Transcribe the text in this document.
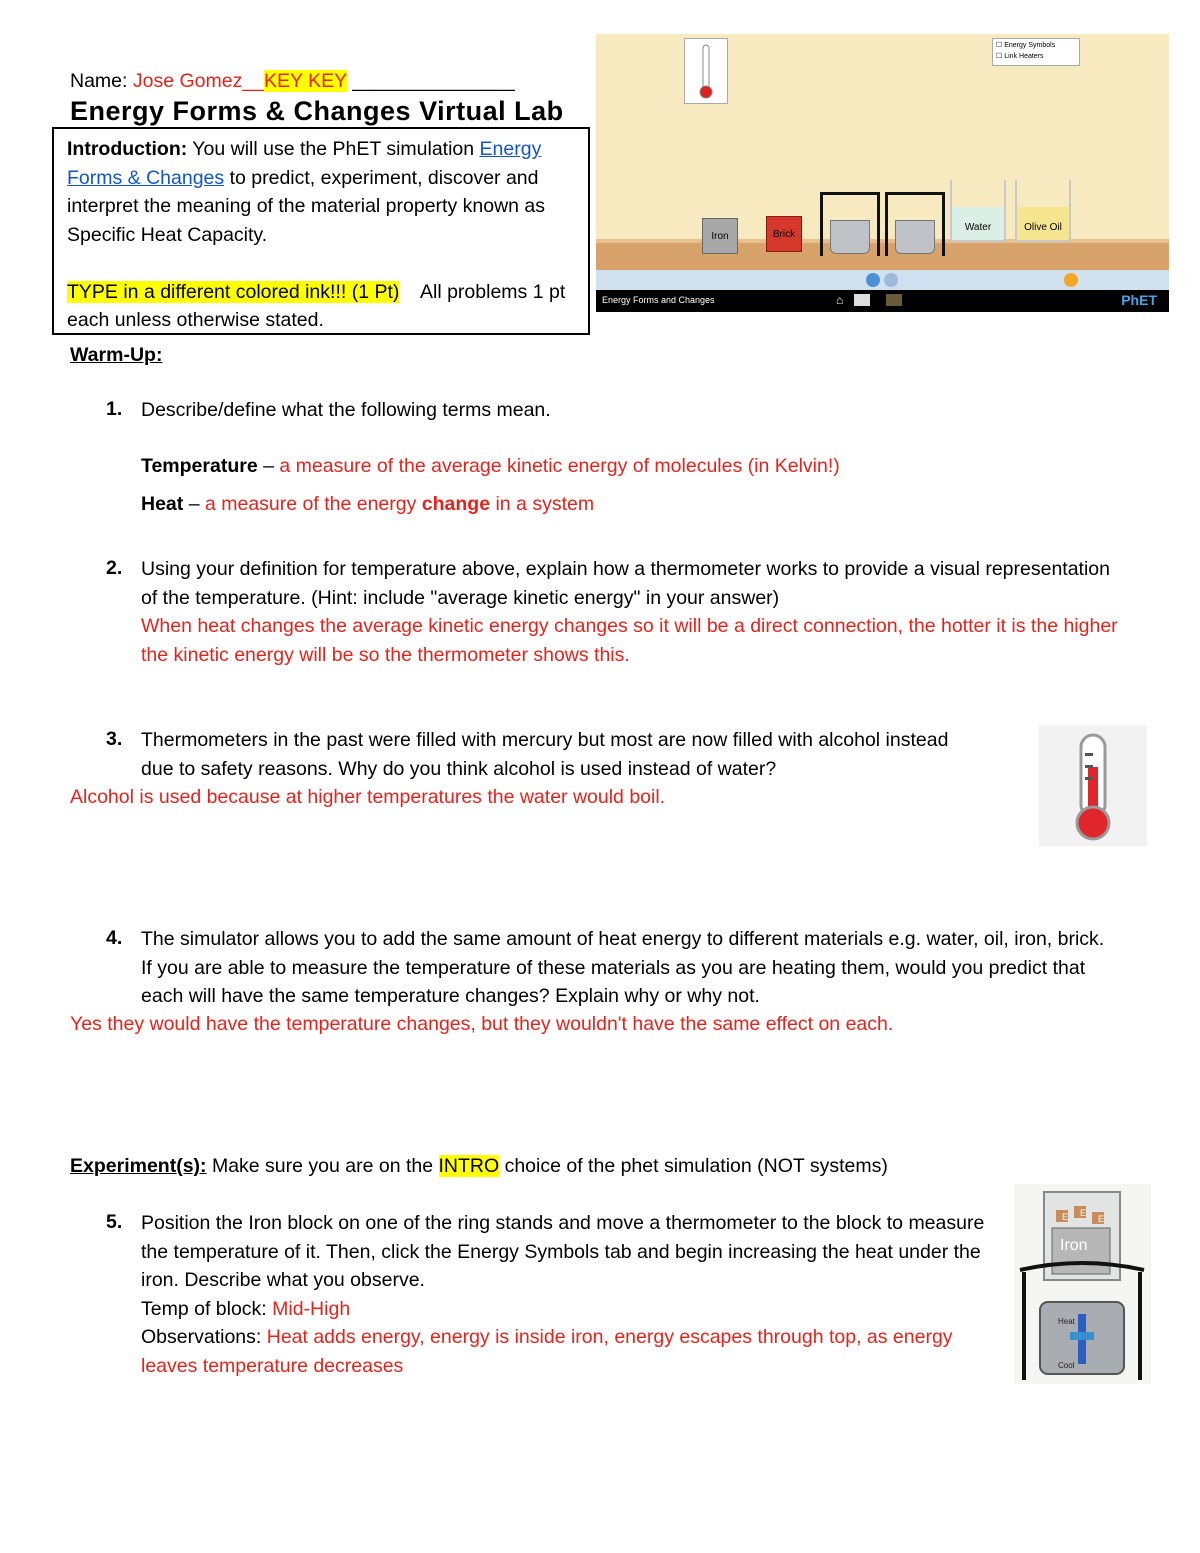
Name: Jose Gomez__KEY KEY _______________
Energy Forms & Changes Virtual Lab
Introduction: You will use the PhET simulation Energy Forms & Changes to predict, experiment, discover and interpret the meaning of the material property known as Specific Heat Capacity.
TYPE in a different colored ink!!! (1 Pt) All problems 1 pt each unless otherwise stated.
☐ Energy Symbols
☐ Link Heaters
Iron	Brick
Water	Olive Oil
Energy Forms and Changes	⌂	PhET
Warm-Up:
1. Describe/define what the following terms mean.
Temperature – a measure of the average kinetic energy of molecules (in Kelvin!)
Heat – a measure of the energy change in a system
2. Using your definition for temperature above, explain how a thermometer works to provide a visual representation of the temperature. (Hint: include "average kinetic energy" in your answer)
When heat changes the average kinetic energy changes so it will be a direct connection, the hotter it is the higher the kinetic energy will be so the thermometer shows this.
3. Thermometers in the past were filled with mercury but most are now filled with alcohol instead due to safety reasons. Why do you think alcohol is used instead of water?
Alcohol is used because at higher temperatures the water would boil.
4. The simulator allows you to add the same amount of heat energy to different materials e.g. water, oil, iron, brick. If you are able to measure the temperature of these materials as you are heating them, would you predict that each will have the same temperature changes? Explain why or why not.
Yes they would have the temperature changes, but they wouldn't have the same effect on each.
Experiment(s): Make sure you are on the INTRO choice of the phet simulation (NOT systems)
5. Position the Iron block on one of the ring stands and move a thermometer to the block to measure the temperature of it. Then, click the Energy Symbols tab and begin increasing the heat under the iron. Describe what you observe.
Temp of block: Mid-High
Observations: Heat adds energy, energy is inside iron, energy escapes through top, as energy leaves temperature decreases
E E
E
Iron
Heat
Cool
